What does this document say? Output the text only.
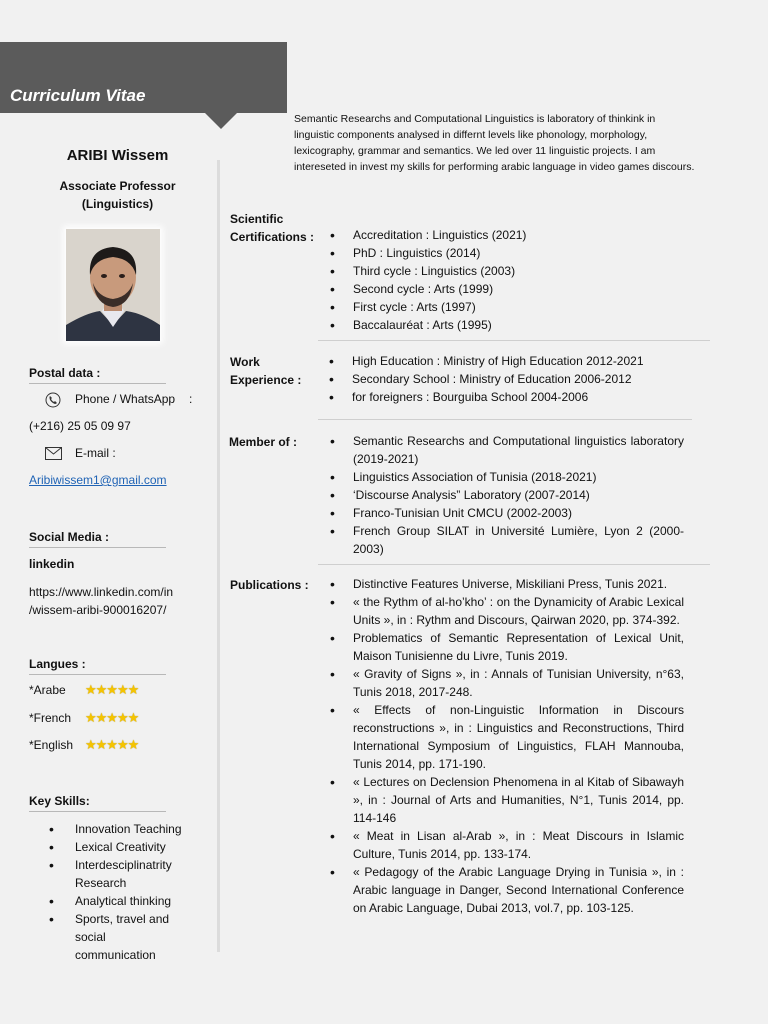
Curriculum Vitae
ARIBI Wissem
Associate Professor
(Linguistics)
Postal data :
Phone / WhatsApp :
(+216) 25 05 09 97
E-mail :
Aribiwissem1@gmail.com
Social Media :
linkedin
https://www.linkedin.com/in
/wissem-aribi-900016207/
Langues :
*Arabe ★★★★★
*French ★★★★★
*English ★★★★★
Key Skills:
• Innovation Teaching
• Lexical Creativity
• Interdesciplinatrity Research
• Analytical thinking
• Sports, travel and social communication
Semantic Researchs and Computational Linguistics is laboratory of thinkink in linguistic components analysed in differnt levels like phonology, morphology, lexicography, grammar and semantics. We led over 11 linguistic projects. I am intereseted in invest my skills for performing arabic language in video games discours.
Scientific
Certifications :	• Accreditation : Linguistics (2021)
• PhD : Linguistics (2014)
• Third cycle : Linguistics (2003)
• Second cycle : Arts (1999)
• First cycle : Arts (1997)
• Baccalauréat : Arts (1995)
Work
Experience :
• High Education : Ministry of High Education 2012-2021
• Secondary School : Ministry of Education 2006-2012
• for foreigners : Bourguiba School 2004-2006
Member of :	• Semantic Researchs and Computational linguistics laboratory (2019-2021)
• Linguistics Association of Tunisia (2018-2021)
• ‘Discourse Analysis” Laboratory (2007-2014)
• Franco-Tunisian Unit CMCU (2002-2003)
• French Group SILAT in Université Lumière, Lyon 2 (2000-2003)
Publications :	• Distinctive Features Universe, Miskiliani Press, Tunis 2021.
• « the Rythm of al-ho’kho’ : on the Dynamicity of Arabic Lexical Units », in : Rythm and Discours, Qairwan 2020, pp. 374-392.
• Problematics of Semantic Representation of Lexical Unit, Maison Tunisienne du Livre, Tunis 2019.
• « Gravity of Signs », in : Annals of Tunisian University, n°63, Tunis 2018, 2017-248.
• « Effects of non-Linguistic Information in Discours reconstructions », in : Linguistics and Reconstructions, Third International Symposium of Linguistics, FLAH Mannouba, Tunis 2014, pp. 171-190.
• « Lectures on Declension Phenomena in al Kitab of Sibawayh », in : Journal of Arts and Humanities, N°1, Tunis 2014, pp. 114-146
• « Meat in Lisan al-Arab », in : Meat Discours in Islamic Culture, Tunis 2014, pp. 133-174.
• « Pedagogy of the Arabic Language Drying in Tunisia », in : Arabic language in Danger, Second International Conference on Arabic Language, Dubai 2013, vol.7, pp. 103-125.
